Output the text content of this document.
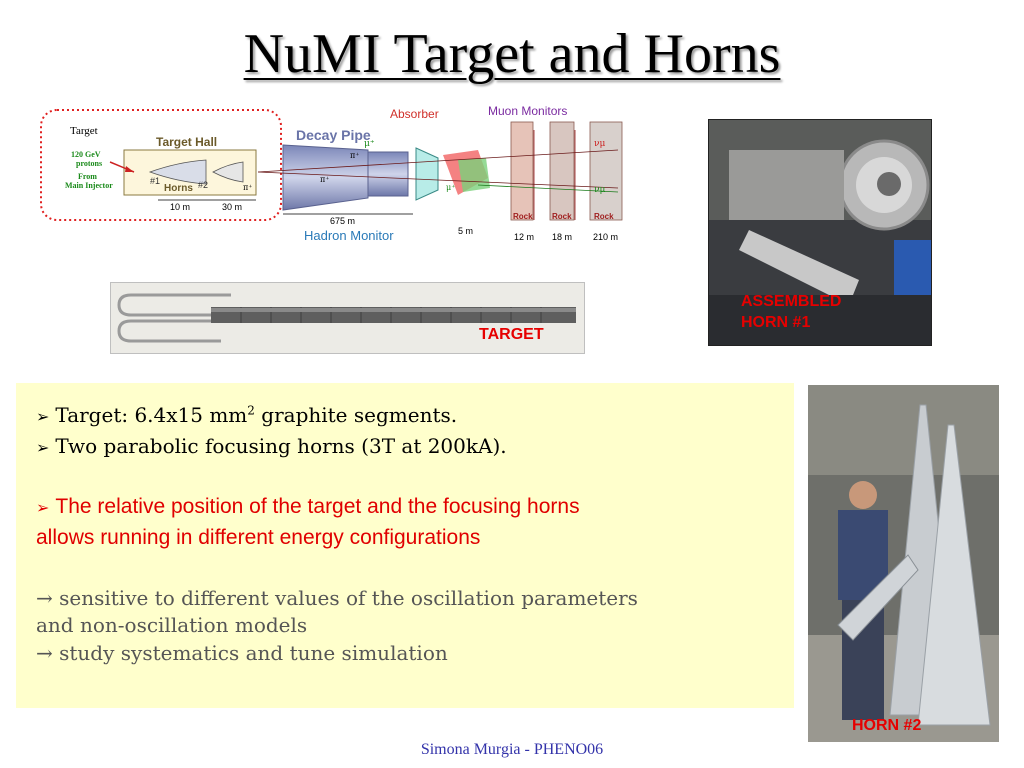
NuMI Target and Horns
Target
120 GeV
protons
From
Main Injector
Target Hall
Horns
#1	#2
10 m	30 m
Decay Pipe
675 m
Hadron Monitor
Absorber
5 m
Muon Monitors
Rock Rock	Rock
12 m 18 m 210 m
π⁺
π⁺
π⁺
μ⁺
μ⁺
νμ
νμ
TARGET
ASSEMBLED
HORN #1
➢ Target: 6.4x15 $mm^2$ graphite segments.
➢ Two parabolic focusing horns (3T at 200kA).
➢ The relative position of the target and the focusing horns
allows running in different energy configurations
→ sensitive to different values of the oscillation parameters
and non-oscillation models
→ study systematics and tune simulation
HORN #2
Simona Murgia - PHENO06
